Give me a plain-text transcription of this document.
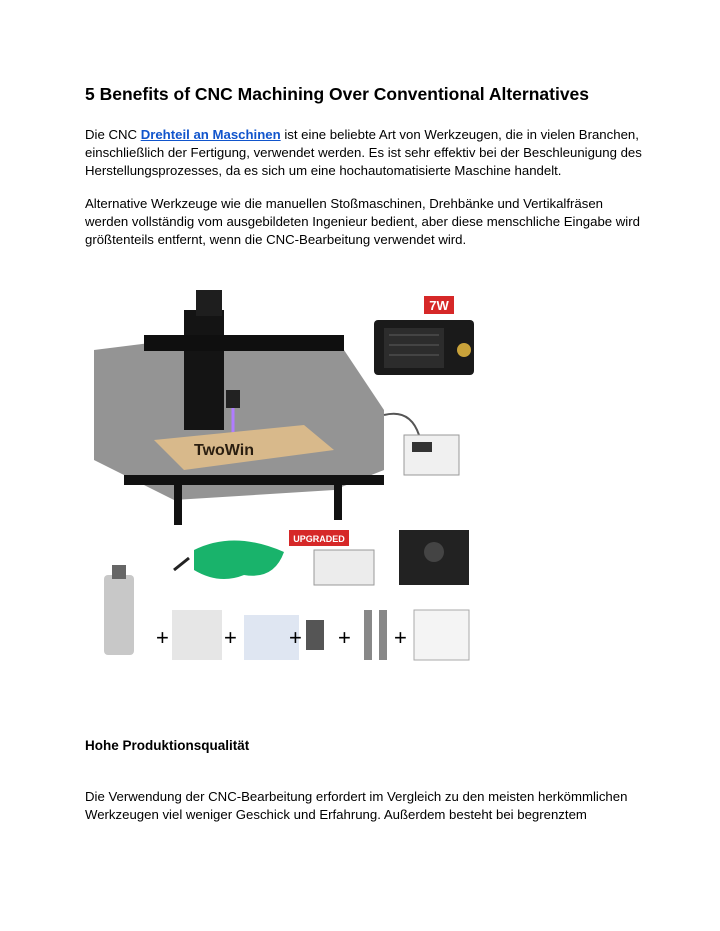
5 Benefits of CNC Machining Over Conventional Alternatives

Die CNC Drehteil an Maschinen ist eine beliebte Art von Werkzeugen, die in vielen Branchen, einschließlich der Fertigung, verwendet werden. Es ist sehr effektiv bei der Beschleunigung des Herstellungsprozesses, da es sich um eine hochautomatisierte Maschine handelt.

Alternative Werkzeuge wie die manuellen Stoßmaschinen, Drehbänke und Vertikalfräsen werden vollständig vom ausgebildeten Ingenieur bedient, aber diese menschliche Eingabe wird größtenteils entfernt, wenn die CNC-Bearbeitung verwendet wird.

7W
TwoWin
UPGRADED
+	+ + + +
Hohe Produktionsqualität

Die Verwendung der CNC-Bearbeitung erfordert im Vergleich zu den meisten herkömmlichen Werkzeugen viel weniger Geschick und Erfahrung. Außerdem besteht bei begrenztem
